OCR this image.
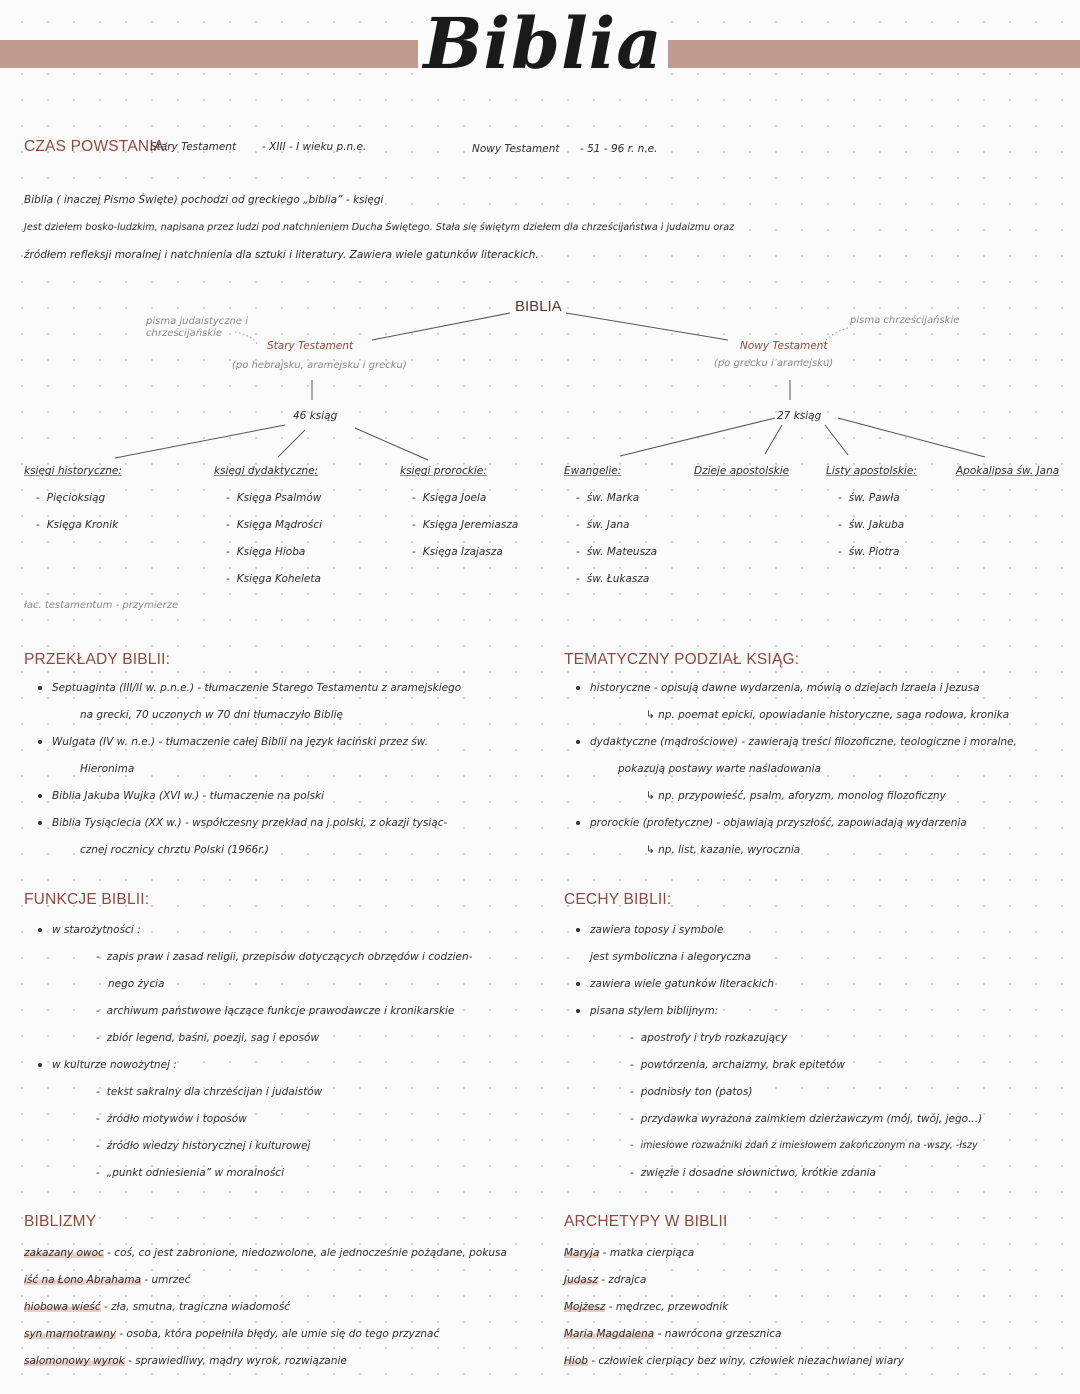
Biblia
CZAS POWSTANIA:
Stary Testament - XIII - I wieku p.n.e.	Nowy Testament - 51 - 96 r. n.e.
Biblia ( inaczej Pismo Święte) pochodzi od greckiego „biblia” - księgi
Jest dziełem bosko-ludzkim, napisana przez ludzi pod natchnieniem Ducha Świętego. Stała się świętym dziełem dla chrześcijaństwa i judaizmu oraz
źródłem refleksji moralnej i natchnienia dla sztuki i literatury. Zawiera wiele gatunków literackich.
BIBLIA
pisma judaistyczne i chrześcijańskie
Stary Testament
(po hebrajsku, aramejsku i grecku)
46 ksiąg
pisma chrześcijańskie
Nowy Testament
(po grecku i aramejsku)
27 ksiąg
księgi historyczne:
- Pięcioksiąg
- Księga Kronik
księgi dydaktyczne:
- Księga Psalmów
- Księga Mądrości
- Księga Hioba
- Księga Koheleta
księgi prorockie:
- Księga Joela
- Księga Jeremiasza
- Księga Izajasza
Ewangelie:
- św. Marka
- św. Jana
- św. Mateusza
- św. Łukasza
Dzieje apostolskie	Listy apostolskie:
- św. Pawła
- św. Jakuba
- św. Piotra
Apokalipsa św. Jana
łac. testamentum - przymierze
PRZEKŁADY BIBLII:
Septuaginta (III/II w. p.n.e.) - tłumaczenie Starego Testamentu z aramejskiego
na grecki, 70 uczonych w 70 dni tłumaczyło Biblię
Wulgata (IV w. n.e.) - tłumaczenie całej Biblii na język łaciński przez św.
Hieronima
Biblia Jakuba Wujka (XVI w.) - tłumaczenie na polski
Biblia Tysiąclecia (XX w.) - współczesny przekład na j.polski, z okazji tysiąc-
cznej rocznicy chrztu Polski (1966r.)
TEMATYCZNY PODZIAŁ KSIĄG:
historyczne - opisują dawne wydarzenia, mówią o dziejach Izraela i Jezusa
↳ np. poemat epicki, opowiadanie historyczne, saga rodowa, kronika
dydaktyczne (mądrościowe) - zawierają treści filozoficzne, teologiczne i moralne,
pokazują postawy warte naśladowania
↳ np. przypowieść, psalm, aforyzm, monolog filozoficzny
prorockie (profetyczne) - objawiają przyszłość, zapowiadają wydarzenia
↳ np. list, kazanie, wyrocznia
FUNKCJE BIBLII:
w starożytności :
- zapis praw i zasad religii, przepisów dotyczących obrzędów i codzien-
nego życia
- archiwum państwowe łączące funkcje prawodawcze i kronikarskie
- zbiór legend, baśni, poezji, sag i eposów
w kulturze nowożytnej :
- tekst sakralny dla chrześcijan i judaistów
- źródło motywów i toposów
- źródło wiedzy historycznej i kulturowej
- „punkt odniesienia” w moralności
CECHY BIBLII:
zawiera toposy i symbole
jest symboliczna i alegoryczna
zawiera wiele gatunków literackich
pisana stylem biblijnym:
- apostrofy i tryb rozkazujący
- powtórzenia, archaizmy, brak epitetów
- podniosły ton (patos)
- przydawka wyrażona zaimkiem dzierżawczym (mój, twój, jego...)
- imiesłowe rozważniki zdań z imiesłowem zakończonym na -wszy, -łszy
- zwięzłe i dosadne słownictwo, krótkie zdania
BIBLIZMY
zakazany owoc - coś, co jest zabronione, niedozwolone, ale jednocześnie pożądane, pokusa
iść na Łono Abrahama - umrzeć
hiobowa wieść - zła, smutna, tragiczna wiadomość
syn marnotrawny - osoba, która popełniła błędy, ale umie się do tego przyznać
salomonowy wyrok - sprawiedliwy, mądry wyrok, rozwiązanie
ARCHETYPY W BIBLII
Maryja - matka cierpiąca
Judasz - zdrajca
Mojżesz - mędrzec, przewodnik
Maria Magdalena - nawrócona grzesznica
Hiob - człowiek cierpiący bez winy, człowiek niezachwianej wiary
